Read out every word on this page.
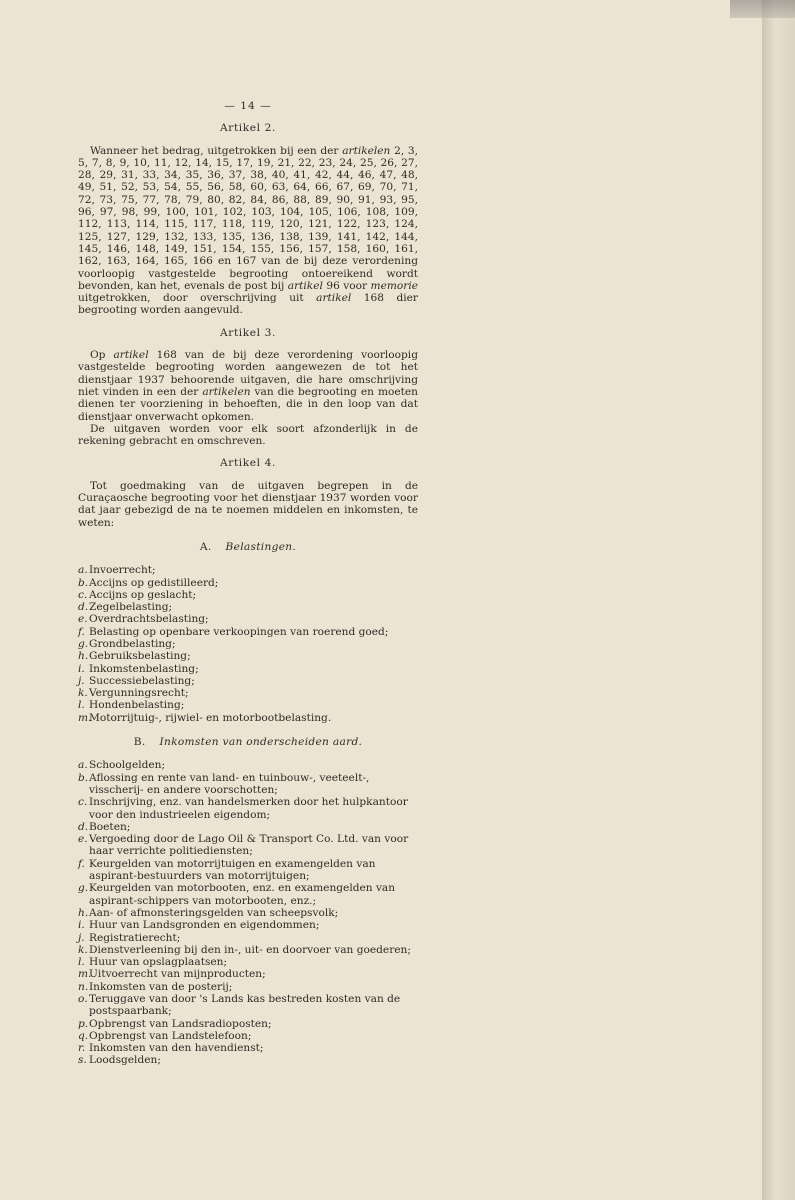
— 14 —
Artikel 2.

Wanneer het bedrag, uitgetrokken bij een der artikelen 2, 3, 5, 7, 8, 9, 10, 11, 12, 14, 15, 17, 19, 21, 22, 23, 24, 25, 26, 27, 28, 29, 31, 33, 34, 35, 36, 37, 38, 40, 41, 42, 44, 46, 47, 48, 49, 51, 52, 53, 54, 55, 56, 58, 60, 63, 64, 66, 67, 69, 70, 71, 72, 73, 75, 77, 78, 79, 80, 82, 84, 86, 88, 89, 90, 91, 93, 95, 96, 97, 98, 99, 100, 101, 102, 103, 104, 105, 106, 108, 109, 112, 113, 114, 115, 117, 118, 119, 120, 121, 122, 123, 124, 125, 127, 129, 132, 133, 135, 136, 138, 139, 141, 142, 144, 145, 146, 148, 149, 151, 154, 155, 156, 157, 158, 160, 161, 162, 163, 164, 165, 166 en 167 van de bij deze verordening voorloopig vastgestelde begrooting ontoereikend wordt bevonden, kan het, evenals de post bij artikel 96 voor memorie uitgetrokken, door overschrijving uit artikel 168 dier begrooting worden aangevuld.

Artikel 3.

Op artikel 168 van de bij deze verordening voorloopig vastgestelde begrooting worden aangewezen de tot het dienstjaar 1937 behoorende uitgaven, die hare omschrijving niet vinden in een der artikelen van die begrooting en moeten dienen ter voorziening in behoeften, die in den loop van dat dienstjaar onverwacht opkomen.

De uitgaven worden voor elk soort afzonderlijk in de rekening gebracht en omschreven.

Artikel 4.

Tot goedmaking van de uitgaven begrepen in de Curaçaosche begrooting voor het dienstjaar 1937 worden voor dat jaar gebezigd de na te noemen middelen en inkomsten, te weten:

A. Belastingen.
a. Invoerrecht;
b. Accijns op gedistilleerd;
c. Accijns op geslacht;
d. Zegelbelasting;
e. Overdrachtsbelasting;
f. Belasting op openbare verkoopingen van roerend goed;
g. Grondbelasting;
h. Gebruiksbelasting;
i. Inkomstenbelasting;
j. Successiebelasting;
k. Vergunningsrecht;
l. Hondenbelasting;
m.
Motorrijtuig-, rijwiel- en motorbootbelasting.
B. Inkomsten van onderscheiden aard.
a. Schoolgelden;
b. Aflossing en rente van land- en tuinbouw-, veeteelt-, visscherij- en andere voorschotten;
c. Inschrijving, enz. van handelsmerken door het hulpkantoor voor den industrieelen eigendom;
d. Boeten;
e. Vergoeding door de Lago Oil & Transport Co. Ltd. van voor haar verrichte politiediensten;
f. Keurgelden van motorrijtuigen en examengelden van aspirant-bestuurders van motorrijtuigen;
g. Keurgelden van motorbooten, enz. en examengelden van aspirant-schippers van motorbooten, enz.;
h. Aan- of afmonsteringsgelden van scheepsvolk;
i. Huur van Landsgronden en eigendommen;
j. Registratierecht;
k. Dienstverleening bij den in-, uit- en doorvoer van goederen;
l. Huur van opslagplaatsen;
m.
Uitvoerrecht van mijnproducten;
n. Inkomsten van de posterij;
o. Teruggave van door 's Lands kas bestreden kosten van de postspaarbank;
p. Opbrengst van Landsradioposten;
q. Opbrengst van Landstelefoon;
r. Inkomsten van den havendienst;
s. Loodsgelden;
